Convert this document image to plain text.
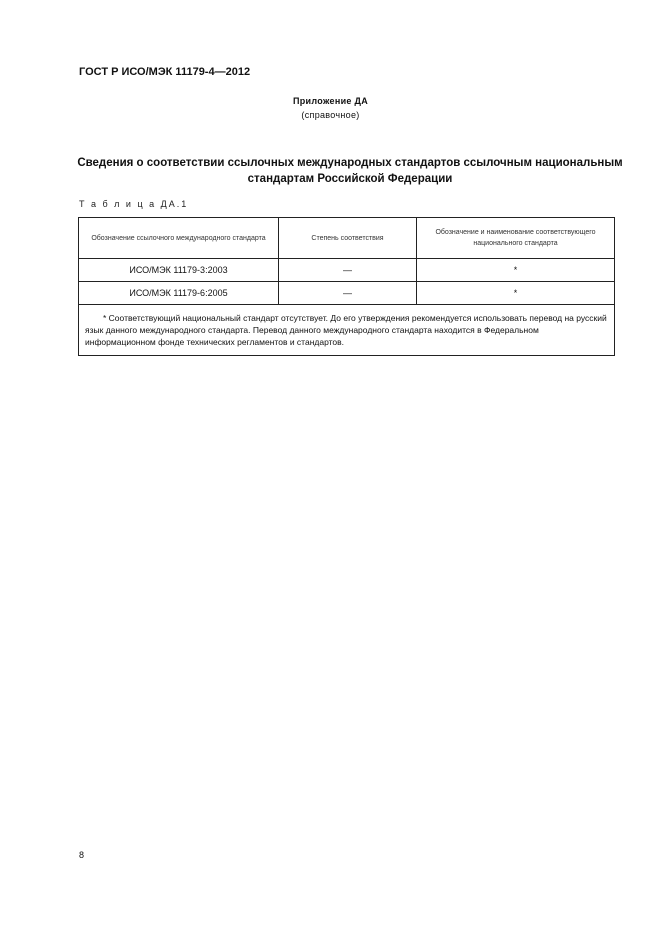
ГОСТ Р ИСО/МЭК 11179-4—2012
Приложение ДА
(справочное)
Сведения о соответствии ссылочных международных стандартов ссылочным национальным стандартам Российской Федерации
Т а б л и ц а ДА.1
Обозначение ссылочного международного стандарта	Степень соответствия	Обозначение и наименование соответствующего национального стандарта
ИСО/МЭК 11179-3:2003	—	*
ИСО/МЭК 11179-6:2005	—	*
* Соответствующий национальный стандарт отсутствует. До его утверждения рекомендуется использовать перевод на русский язык данного международного стандарта. Перевод данного международного стандарта находится в Федеральном информационном фонде технических регламентов и стандартов.		
8
